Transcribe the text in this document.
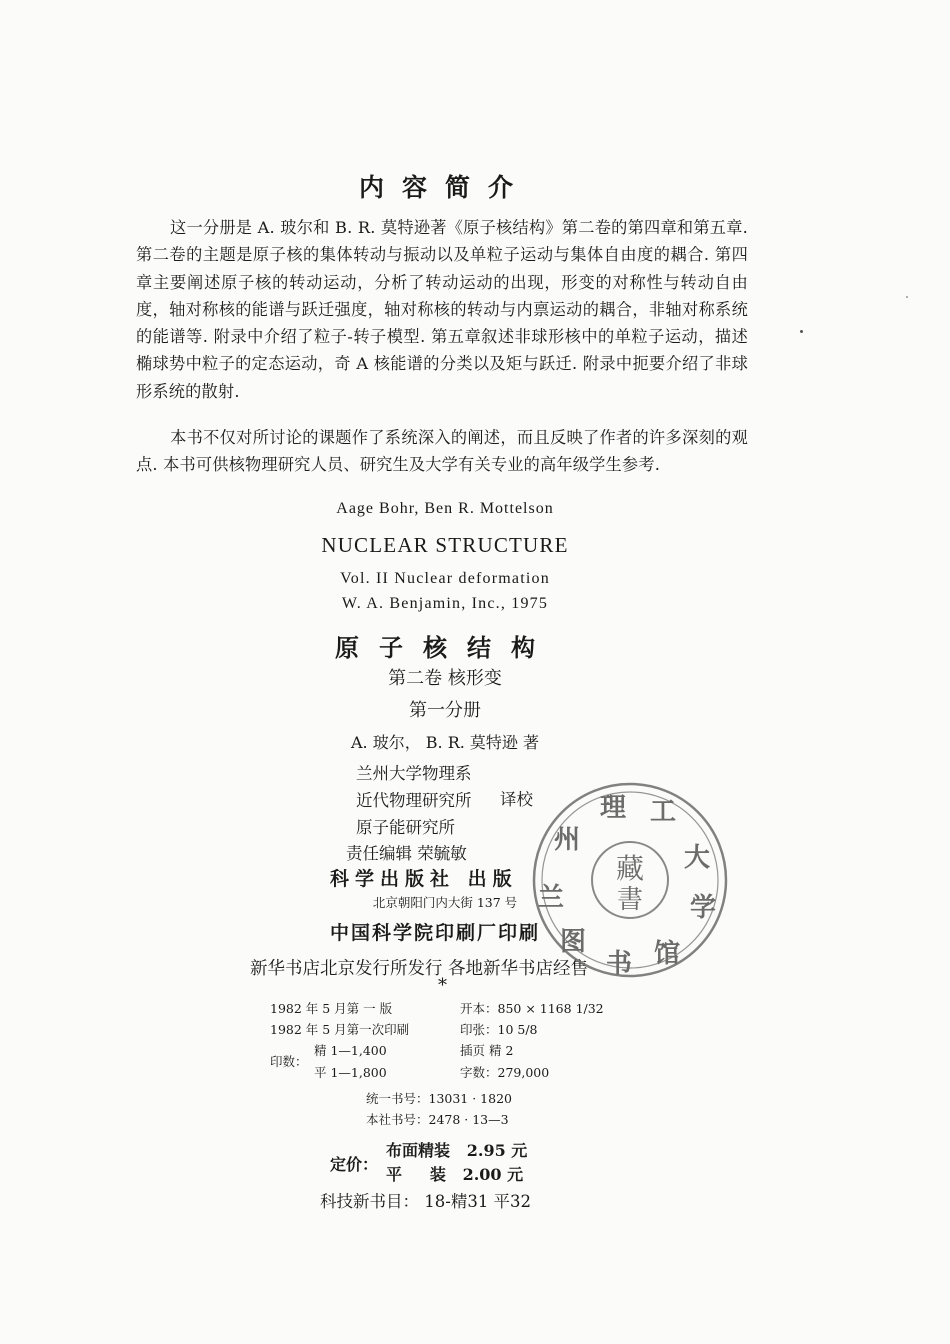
内容简介
这一分册是 A. 玻尔和 B. R. 莫特逊著《原子核结构》第二卷的第四章和第五章. 第二卷的主题是原子核的集体转动与振动以及单粒子运动与集体自由度的耦合. 第四章主要阐述原子核的转动运动，分析了转动运动的出现，形变的对称性与转动自由度，轴对称核的能谱与跃迁强度，轴对称核的转动与内禀运动的耦合，非轴对称系统的能谱等. 附录中介绍了粒子-转子模型. 第五章叙述非球形核中的单粒子运动，描述椭球势中粒子的定态运动，奇 A 核能谱的分类以及矩与跃迁. 附录中扼要介绍了非球形系统的散射.
本书不仅对所讨论的课题作了系统深入的阐述，而且反映了作者的许多深刻的观点. 本书可供核物理研究人员、研究生及大学有关专业的高年级学生参考.
Aage Bohr, Ben R. Mottelson
NUCLEAR STRUCTURE
Vol. II Nuclear deformation
W. A. Benjamin, Inc., 1975
原子核结构
第二卷 核形变
第一分册
A. 玻尔， B. R. 莫特逊 著
兰州大学物理系
近代物理研究所
原子能研究所
译校
责任编辑 荣毓敏
科学出版社 出版
北京朝阳门内大街 137 号
中国科学院印刷厂印刷
新华书店北京发行所发行 各地新华书店经售
*
1982 年 5 月第 一 版
1982 年 5 月第一次印刷
印数：
精 1—1,400
平 1—1,800
开本：850 × 1168 1/32
印张：10 5/8
插页 精 2
字数：279,000
统一书号：13031 · 1820
本社书号：2478 · 13—3
定价：
布面精装 2.95 元
平     装 2.00 元
科技新书目： 18-精31 平32
藏
書
兰
州
理 工
大
学
馆
书
图
